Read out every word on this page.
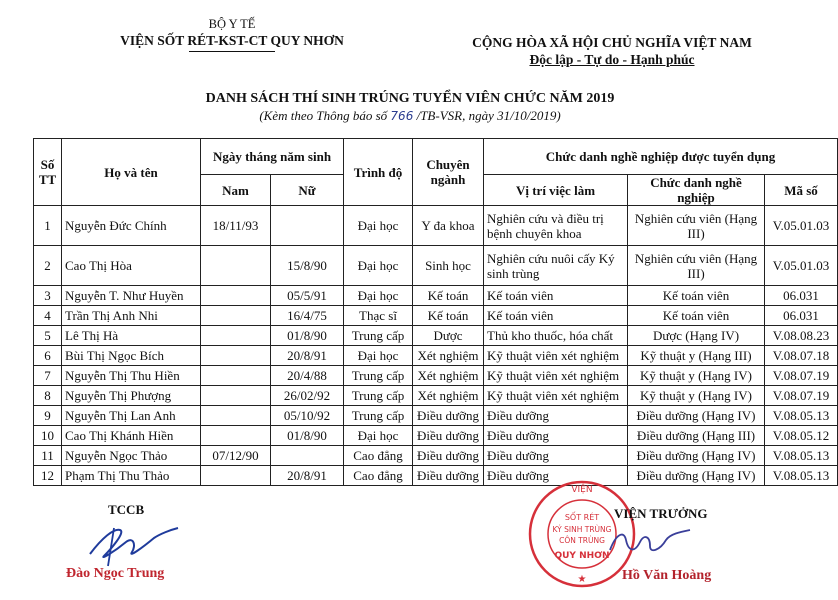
BỘ Y TẾ
VIỆN SỐT RÉT-KST-CT QUY NHƠN	CỘNG HÒA XÃ HỘI CHỦ NGHĨA VIỆT NAM
Độc lập - Tự do - Hạnh phúc
DANH SÁCH THÍ SINH TRÚNG TUYỂN VIÊN CHỨC NĂM 2019
(Kèm theo Thông báo số 766 /TB-VSR, ngày 31/10/2019)
Số TT	Họ và tên	Ngày tháng năm sinh		Trình độ	Chuyên ngành	Chức danh nghề nghiệp được tuyển dụng		
		Nam	Nữ			Vị trí việc làm	Chức danh nghề nghiệp	Mã số
1	Nguyễn Đức Chính	18/11/93		Đại học	Y đa khoa	Nghiên cứu và điều trị bệnh chuyên khoa	Nghiên cứu viên (Hạng III)	V.05.01.03
2	Cao Thị Hòa		15/8/90	Đại học	Sinh học	Nghiên cứu nuôi cấy Ký sinh trùng	Nghiên cứu viên (Hạng III)	V.05.01.03
3	Nguyễn T. Như Huyền		05/5/91	Đại học	Kế toán	Kế toán viên	Kế toán viên	06.031
4	Trần Thị Anh Nhi		16/4/75	Thạc sĩ	Kế toán	Kế toán viên	Kế toán viên	06.031
5	Lê Thị Hà		01/8/90	Trung cấp	Dược	Thủ kho thuốc, hóa chất	Dược (Hạng IV)	V.08.08.23
6	Bùi Thị Ngọc Bích		20/8/91	Đại học	Xét nghiệm	Kỹ thuật viên xét nghiệm	Kỹ thuật y (Hạng III)	V.08.07.18
7	Nguyễn Thị Thu Hiền		20/4/88	Trung cấp	Xét nghiệm	Kỹ thuật viên xét nghiệm	Kỹ thuật y (Hạng IV)	V.08.07.19
8	Nguyễn Thị Phượng		26/02/92	Trung cấp	Xét nghiệm	Kỹ thuật viên xét nghiệm	Kỹ thuật y (Hạng IV)	V.08.07.19
9	Nguyễn Thị Lan Anh		05/10/92	Trung cấp	Điều dưỡng	Điều dưỡng	Điều dưỡng (Hạng IV)	V.08.05.13
10	Cao Thị Khánh Hiền		01/8/90	Đại học	Điều dưỡng	Điều dưỡng	Điều dưỡng (Hạng III)	V.08.05.12
11	Nguyễn Ngọc Thảo	07/12/90		Cao đẳng	Điều dưỡng	Điều dưỡng	Điều dưỡng (Hạng IV)	V.08.05.13
12	Phạm Thị Thu Thảo		20/8/91	Cao đẳng	Điều dưỡng	Điều dưỡng	Điều dưỡng (Hạng IV)	V.08.05.13
TCCB
Đào Ngọc Trung
VIỆN
SỐT RÉT
KÝ SINH TRÙNG
CÔN TRÙNG
QUY NHƠN
★
VIỆN TRƯỞNG
Hồ Văn Hoàng
